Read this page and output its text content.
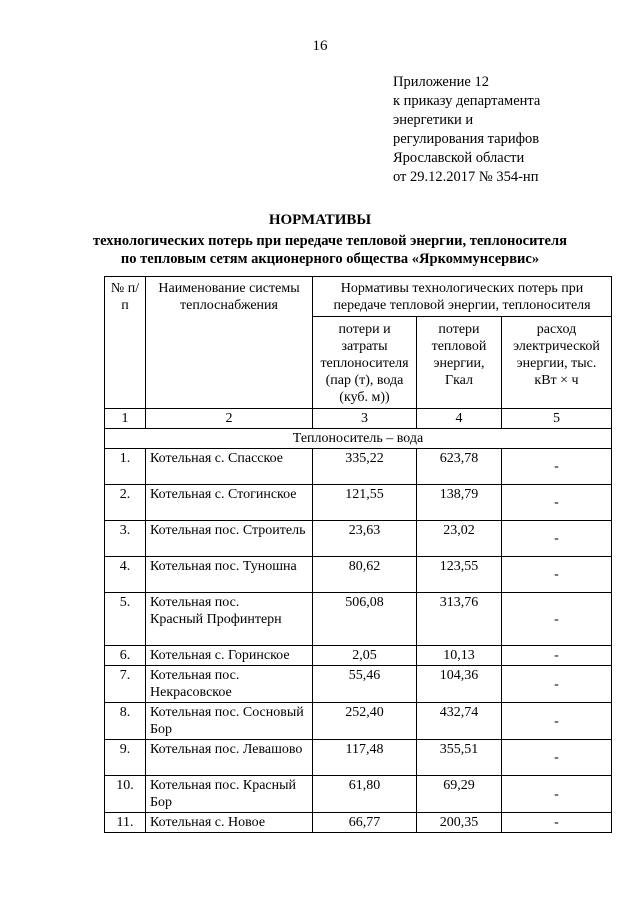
16
Приложение 12
к приказу департамента
энергетики и
регулирования тарифов
Ярославской области
от 29.12.2017 № 354-нп
НОРМАТИВЫ
технологических потерь при передаче тепловой энергии, теплоносителя
по тепловым сетям акционерного общества «Яркоммунсервис»
№ п/п	Наименование системы теплоснабжения	Нормативы технологических потерь при передаче тепловой энергии, теплоносителя		
		потери и затраты теплоносителя (пар (т), вода (куб. м))	потери тепловой энергии, Гкал	расход электрической энергии, тыс. кВт × ч
1	2	3	4	5
Теплоноситель – вода				
1.	Котельная с. Спасское	335,22	623,78	-
2.	Котельная с. Стогинское	121,55	138,79	-
3.	Котельная пос. Строитель	23,63	23,02	-
4.	Котельная пос. Туношна	80,62	123,55	-
5.	Котельная пос. Красный Профинтерн	506,08	313,76	-
6.	Котельная с. Горинское	2,05	10,13	-
7.	Котельная пос. Некрасовское	55,46	104,36	-
8.	Котельная пос. Сосновый Бор	252,40	432,74	-
9.	Котельная пос. Левашово	117,48	355,51	-
10.	Котельная пос. Красный Бор	61,80	69,29	-
11.	Котельная с. Новое	66,77	200,35	-
